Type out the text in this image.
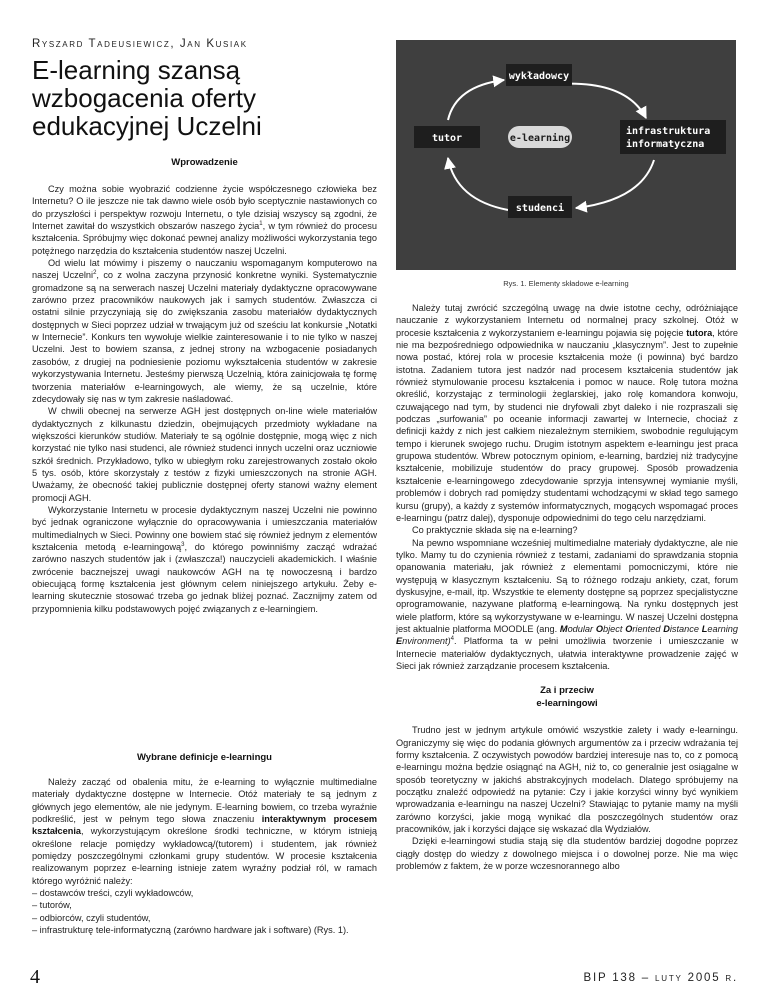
Ryszard Tadeusiewicz, Jan Kusiak
E-learning szansą
wzbogacenia oferty
edukacyjnej Uczelni
wykładowcy
tutor	e-learning
infrastruktura
informatyczna
studenci
Rys. 1. Elementy składowe e-learning
Wprowadzenie

Czy można sobie wyobrazić codzienne życie współczesnego człowieka bez Internetu? O ile jeszcze nie tak dawno wiele osób było sceptycznie nastawionych co do przyszłości i perspektyw rozwoju Internetu, o tyle dzisiaj wszyscy są zgodni, że Internet zawitał do wszystkich obszarów naszego życia$^1$, w tym również do procesu kształcenia. Spróbujmy więc dokonać pewnej analizy możliwości wykorzystania tego potężnego narzędzia do kształcenia studentów naszej Uczelni.

Od wielu lat mówimy i piszemy o nauczaniu wspomaganym komputerowo na naszej Uczelni$^2$, co z wolna zaczyna przynosić konkretne wyniki. Systematycznie gromadzone są na serwerach naszej Uczelni materiały dydaktyczne opracowywane zarówno przez pracowników naukowych jak i samych studentów. Zwłaszcza ci ostatni silnie przyczyniają się do zwiększania zasobu materiałów dydaktycznych dostępnych w Sieci poprzez udział w trwającym już od sześciu lat konkursie „Notatki w Internecie”. Konkurs ten wywołuje wielkie zainteresowanie i to nie tylko w naszej Uczelni. Jest to bowiem szansa, z jednej strony na wzbogacenie posiadanych zasobów, z drugiej na podniesienie poziomu wykształcenia studentów w zakresie wykorzystywania Internetu. Jesteśmy pierwszą Uczelnią, która zainicjowała tę formę tworzenia materiałów e-learningowych, ale wiemy, że są uczelnie, które zdecydowały się nas w tym zakresie naśladować.

W chwili obecnej na serwerze AGH jest dostępnych on-line wiele materiałów dydaktycznych z kilkunastu dziedzin, obejmujących przedmioty wykładane na większości kierunków studiów. Materiały te są ogólnie dostępnie, mogą więc z nich korzystać nie tylko nasi studenci, ale również studenci innych uczelni oraz uczniowie szkół średnich. Przykładowo, tylko w ubiegłym roku zarejestrowanych zostało około 5 tys. osób, które skorzystały z testów z fizyki umieszczonych na stronie AGH. Uważamy, że obecność takiej publicznie dostępnej oferty stanowi ważny element promocji AGH.

Wykorzystanie Internetu w procesie dydaktycznym naszej Uczelni nie powinno być jednak ograniczone wyłącznie do opracowywania i umieszczania materiałów multimedialnych w Sieci. Powinny one bowiem stać się również jednym z elementów kształcenia metodą e-learningową$^3$, do którego powinniśmy zacząć wdrażać zarówno naszych studentów jak i (zwłaszcza!) nauczycieli akademickich. I właśnie zwrócenie bacznejszej uwagi naukowców AGH na tę nowoczesną i bardzo obiecującą formę kształcenia jest głównym celem niniejszego artykułu. Żeby e-learning skutecznie stosować trzeba go jednak bliżej poznać. Zacznijmy zatem od przypomnienia kilku podstawowych pojęć związanych z e-learningiem.

Wybrane definicje e-learningu

Należy zacząć od obalenia mitu, że e-learning to wyłącznie multimedialne materiały dydaktyczne dostępne w Internecie. Otóż materiały te są jednym z głównych jego elementów, ale nie jedynym. E-learning bowiem, co trzeba wyraźnie podkreślić, jest w pełnym tego słowa znaczeniu interaktywnym procesem kształcenia, wykorzystującym określone środki techniczne, w którym istnieją określone relacje pomiędzy wykładowcą/(tutorem) i studentem, jak również pomiędzy poszczególnymi członkami grupy studentów. W procesie kształcenia realizowanym poprzez e-learning istnieje zatem wyraźny podział ról, w ramach którego wyróżnić należy:

– dostawców treści, czyli wykładowców,
– tutorów,
– odbiorców, czyli studentów,
– infrastrukturę tele-informatyczną (zarówno hardware jak i software) (Rys. 1).

Należy tutaj zwrócić szczególną uwagę na dwie istotne cechy, odróżniające nauczanie z wykorzystaniem Internetu od normalnej pracy szkolnej. Otóż w procesie kształcenia z wykorzystaniem e-learningu pojawia się pojęcie tutora, które nie ma bezpośredniego odpowiednika w nauczaniu „klasycznym”. Jest to zupełnie nowa postać, której rola w procesie kształcenia może (i powinna) być bardzo istotna. Zadaniem tutora jest nadzór nad procesem kształcenia studentów jak również stymulowanie procesu kształcenia i pomoc w nauce. Rolę tutora można określić, korzystając z terminologii żeglarskiej, jako rolę komandora konwoju, czuwającego nad tym, by studenci nie dryfowali zbyt daleko i nie rozpraszali się podczas „surfowania” po oceanie informacji zawartej w Internecie, chociaż z definicji każdy z nich jest całkiem niezależnym sternikiem, swobodnie regulującym tempo i kierunek swojego ruchu. Drugim istotnym aspektem e-learningu jest praca grupowa studentów. Wbrew potocznym opiniom, e-learning, bardziej niż tradycyjne kształcenie, mobilizuje studentów do pracy grupowej. Sposób prowadzenia kształcenie e-learningowego zdecydowanie sprzyja intensywnej wymianie myśli, problemów i dobrych rad pomiędzy studentami wchodzącymi w skład tego samego kursu (grupy), a każdy z systemów informatycznych, mogących wspomagać proces e-learningu (patrz dalej), dysponuje odpowiednimi do tego celu narzędziami.

Co praktycznie składa się na e-learning?

Na pewno wspomniane wcześniej multimedialne materiały dydaktyczne, ale nie tylko. Mamy tu do czynienia również z testami, zadaniami do sprawdzania stopnia opanowania materiału, jak również z elementami pomocniczymi, które nie występują w klasycznym kształceniu. Są to różnego rodzaju ankiety, czat, forum dyskusyjne, e-mail, itp. Wszystkie te elementy dostępne są poprzez specjalistyczne oprogramowanie, nazywane platformą e-learningową. Na rynku dostępnych jest wiele platform, które są wykorzystywane w e-learningu. W naszej Uczelni dostępna jest aktualnie platforma MOODLE (ang. Modular Object Oriented Distance Learning Environment)$^4$. Platforma ta w pełni umożliwia tworzenie i umieszczanie w Internecie materiałów dydaktycznych, ułatwia interaktywne prowadzenie zajęć w Sieci jak również zarządzanie procesem kształcenia.

Za i przeciw
e-learningowi

Trudno jest w jednym artykule omówić wszystkie zalety i wady e-learningu. Ograniczymy się więc do podania głównych argumentów za i przeciw wdrażania tej formy kształcenia. Z oczywistych powodów bardziej interesuje nas to, co z pomocą e-learningu można będzie osiągnąć na AGH, niż to, co generalnie jest osiągalne w sposób teoretyczny w jakichś abstrakcyjnych modelach. Dlatego spróbujemy na początku znaleźć odpowiedź na pytanie: Czy i jakie korzyści winny być wynikiem wprowadzania e-learningu na naszej Uczelni? Stawiając to pytanie mamy na myśli zarówno korzyści, jakie mogą wynikać dla poszczególnych studentów oraz pracowników, jak i korzyści dające się wskazać dla Wydziałów.

Dzięki e-learningowi studia stają się dla studentów bardziej dogodne poprzez ciągły dostęp do wiedzy z dowolnego miejsca i o dowolnej porze. Nie ma więc problemów z faktem, że w porze wczesnorannego albo

4	BIP 138 – luty 2005 r.
